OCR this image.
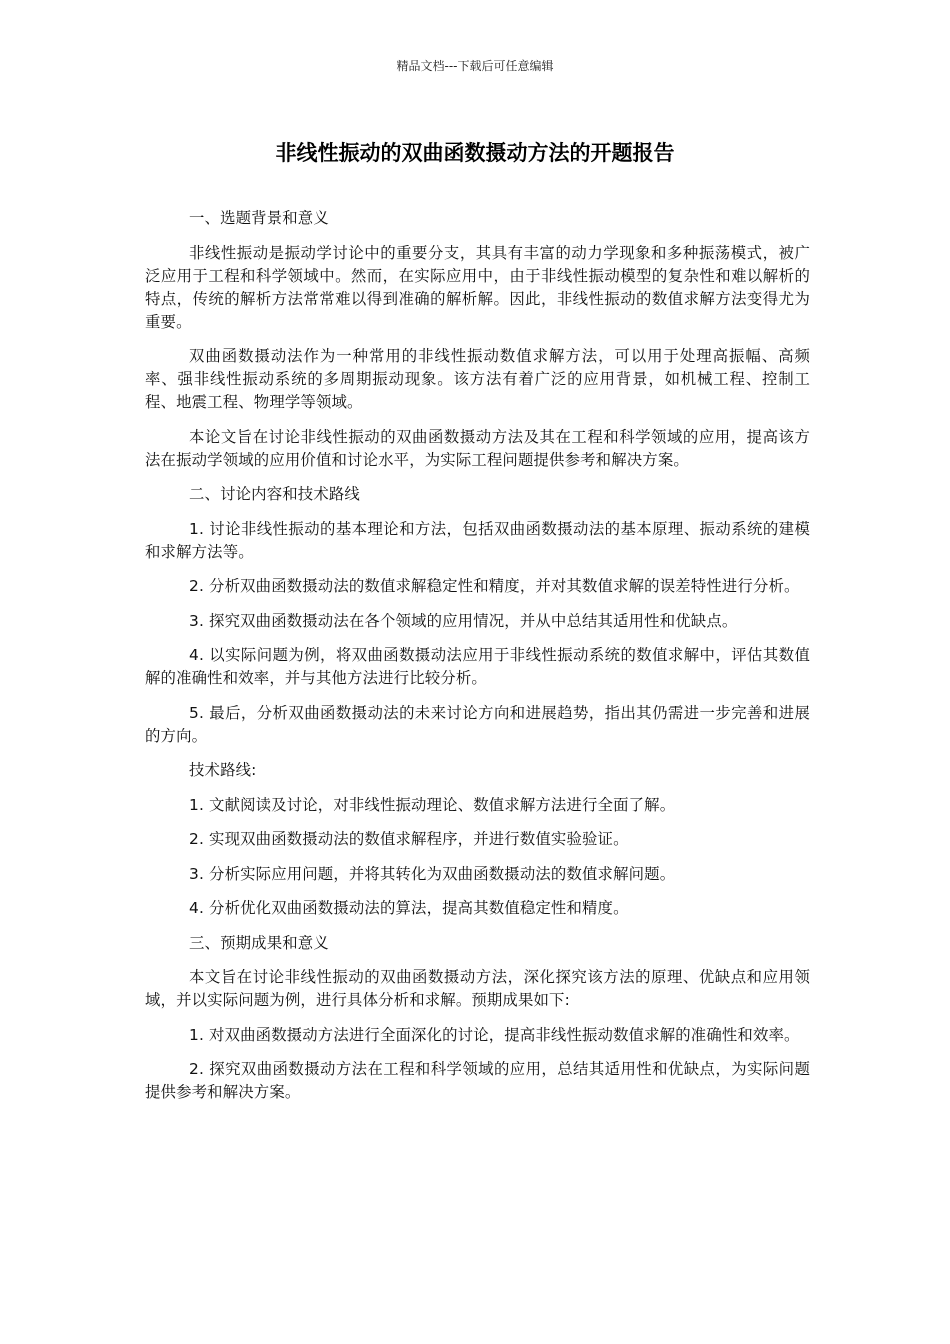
精品文档---下载后可任意编辑
非线性振动的双曲函数摄动方法的开题报告

一、选题背景和意义

非线性振动是振动学讨论中的重要分支，其具有丰富的动力学现象和多种振荡模式，被广泛应用于工程和科学领域中。然而，在实际应用中，由于非线性振动模型的复杂性和难以解析的特点，传统的解析方法常常难以得到准确的解析解。因此，非线性振动的数值求解方法变得尤为重要。

双曲函数摄动法作为一种常用的非线性振动数值求解方法，可以用于处理高振幅、高频率、强非线性振动系统的多周期振动现象。该方法有着广泛的应用背景，如机械工程、控制工程、地震工程、物理学等领域。

本论文旨在讨论非线性振动的双曲函数摄动方法及其在工程和科学领域的应用，提高该方法在振动学领域的应用价值和讨论水平，为实际工程问题提供参考和解决方案。

二、讨论内容和技术路线

1. 讨论非线性振动的基本理论和方法，包括双曲函数摄动法的基本原理、振动系统的建模和求解方法等。

2. 分析双曲函数摄动法的数值求解稳定性和精度，并对其数值求解的误差特性进行分析。

3. 探究双曲函数摄动法在各个领域的应用情况，并从中总结其适用性和优缺点。

4. 以实际问题为例，将双曲函数摄动法应用于非线性振动系统的数值求解中，评估其数值解的准确性和效率，并与其他方法进行比较分析。

5. 最后，分析双曲函数摄动法的未来讨论方向和进展趋势，指出其仍需进一步完善和进展的方向。

技术路线:

1. 文献阅读及讨论，对非线性振动理论、数值求解方法进行全面了解。

2. 实现双曲函数摄动法的数值求解程序，并进行数值实验验证。

3. 分析实际应用问题，并将其转化为双曲函数摄动法的数值求解问题。

4. 分析优化双曲函数摄动法的算法，提高其数值稳定性和精度。

三、预期成果和意义

本文旨在讨论非线性振动的双曲函数摄动方法，深化探究该方法的原理、优缺点和应用领域，并以实际问题为例，进行具体分析和求解。预期成果如下:

1. 对双曲函数摄动方法进行全面深化的讨论，提高非线性振动数值求解的准确性和效率。

2. 探究双曲函数摄动方法在工程和科学领域的应用，总结其适用性和优缺点，为实际问题提供参考和解决方案。
